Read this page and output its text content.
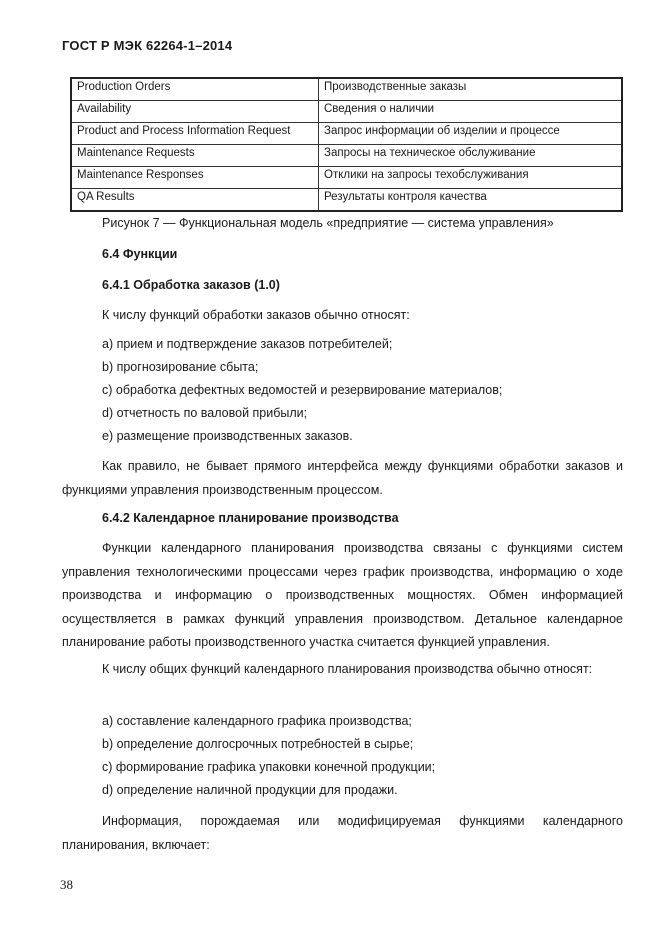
ГОСТ Р МЭК 62264-1–2014
Production Orders	Производственные заказы
Availability	Сведения о наличии
Product and Process Information Request	Запрос информации об изделии и процессе
Maintenance Requests	Запросы на техническое обслуживание
Maintenance Responses	Отклики на запросы техобслуживания
QA Results	Результаты контроля качества

Рисунок 7 — Функциональная модель «предприятие — система управления»

6.4 Функции

6.4.1 Обработка заказов (1.0)

К числу функций обработки заказов обычно относят:

a) прием и подтверждение заказов потребителей;

b) прогнозирование сбыта;

c) обработка дефектных ведомостей и резервирование материалов;

d) отчетность по валовой прибыли;

e) размещение производственных заказов.

Как правило, не бывает прямого интерфейса между функциями обработки заказов и функциями управления производственным процессом.

6.4.2 Календарное планирование производства

Функции календарного планирования производства связаны с функциями систем управления технологическими процессами через график производства, информацию о ходе производства и информацию о производственных мощностях. Обмен информацией осуществляется в рамках функций управления производством. Детальное календарное планирование работы производственного участка считается функцией управления.

К числу общих функций календарного планирования производства обычно относят:

a) составление календарного графика производства;

b) определение долгосрочных потребностей в сырье;

c) формирование графика упаковки конечной продукции;

d) определение наличной продукции для продажи.

Информация, порождаемая или модифицируемая функциями календарного планирования, включает:

38
